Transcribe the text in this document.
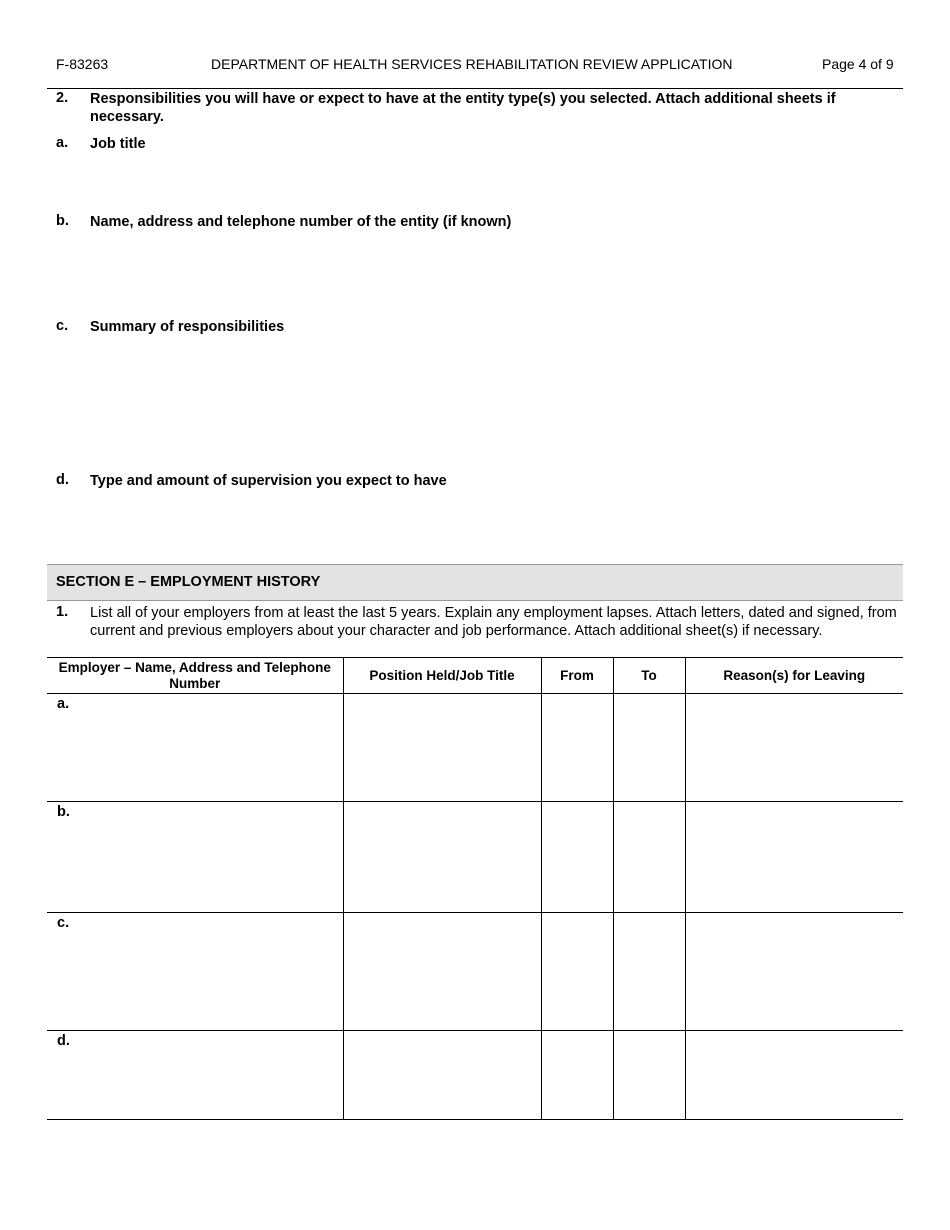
F-83263	DEPARTMENT OF HEALTH SERVICES REHABILITATION REVIEW APPLICATION	Page 4 of 9
2. Responsibilities you will have or expect to have at the entity type(s) you selected. Attach additional sheets if necessary.
a. Job title
b. Name, address and telephone number of the entity (if known)
c. Summary of responsibilities
d. Type and amount of supervision you expect to have
SECTION E – EMPLOYMENT HISTORY
1. List all of your employers from at least the last 5 years. Explain any employment lapses. Attach letters, dated and signed, from current and previous employers about your character and job performance. Attach additional sheet(s) if necessary.
Employer – Name, Address and Telephone Number	Position Held/Job Title	From	To	Reason(s) for Leaving

a.				

b.				

c.				

d.				
